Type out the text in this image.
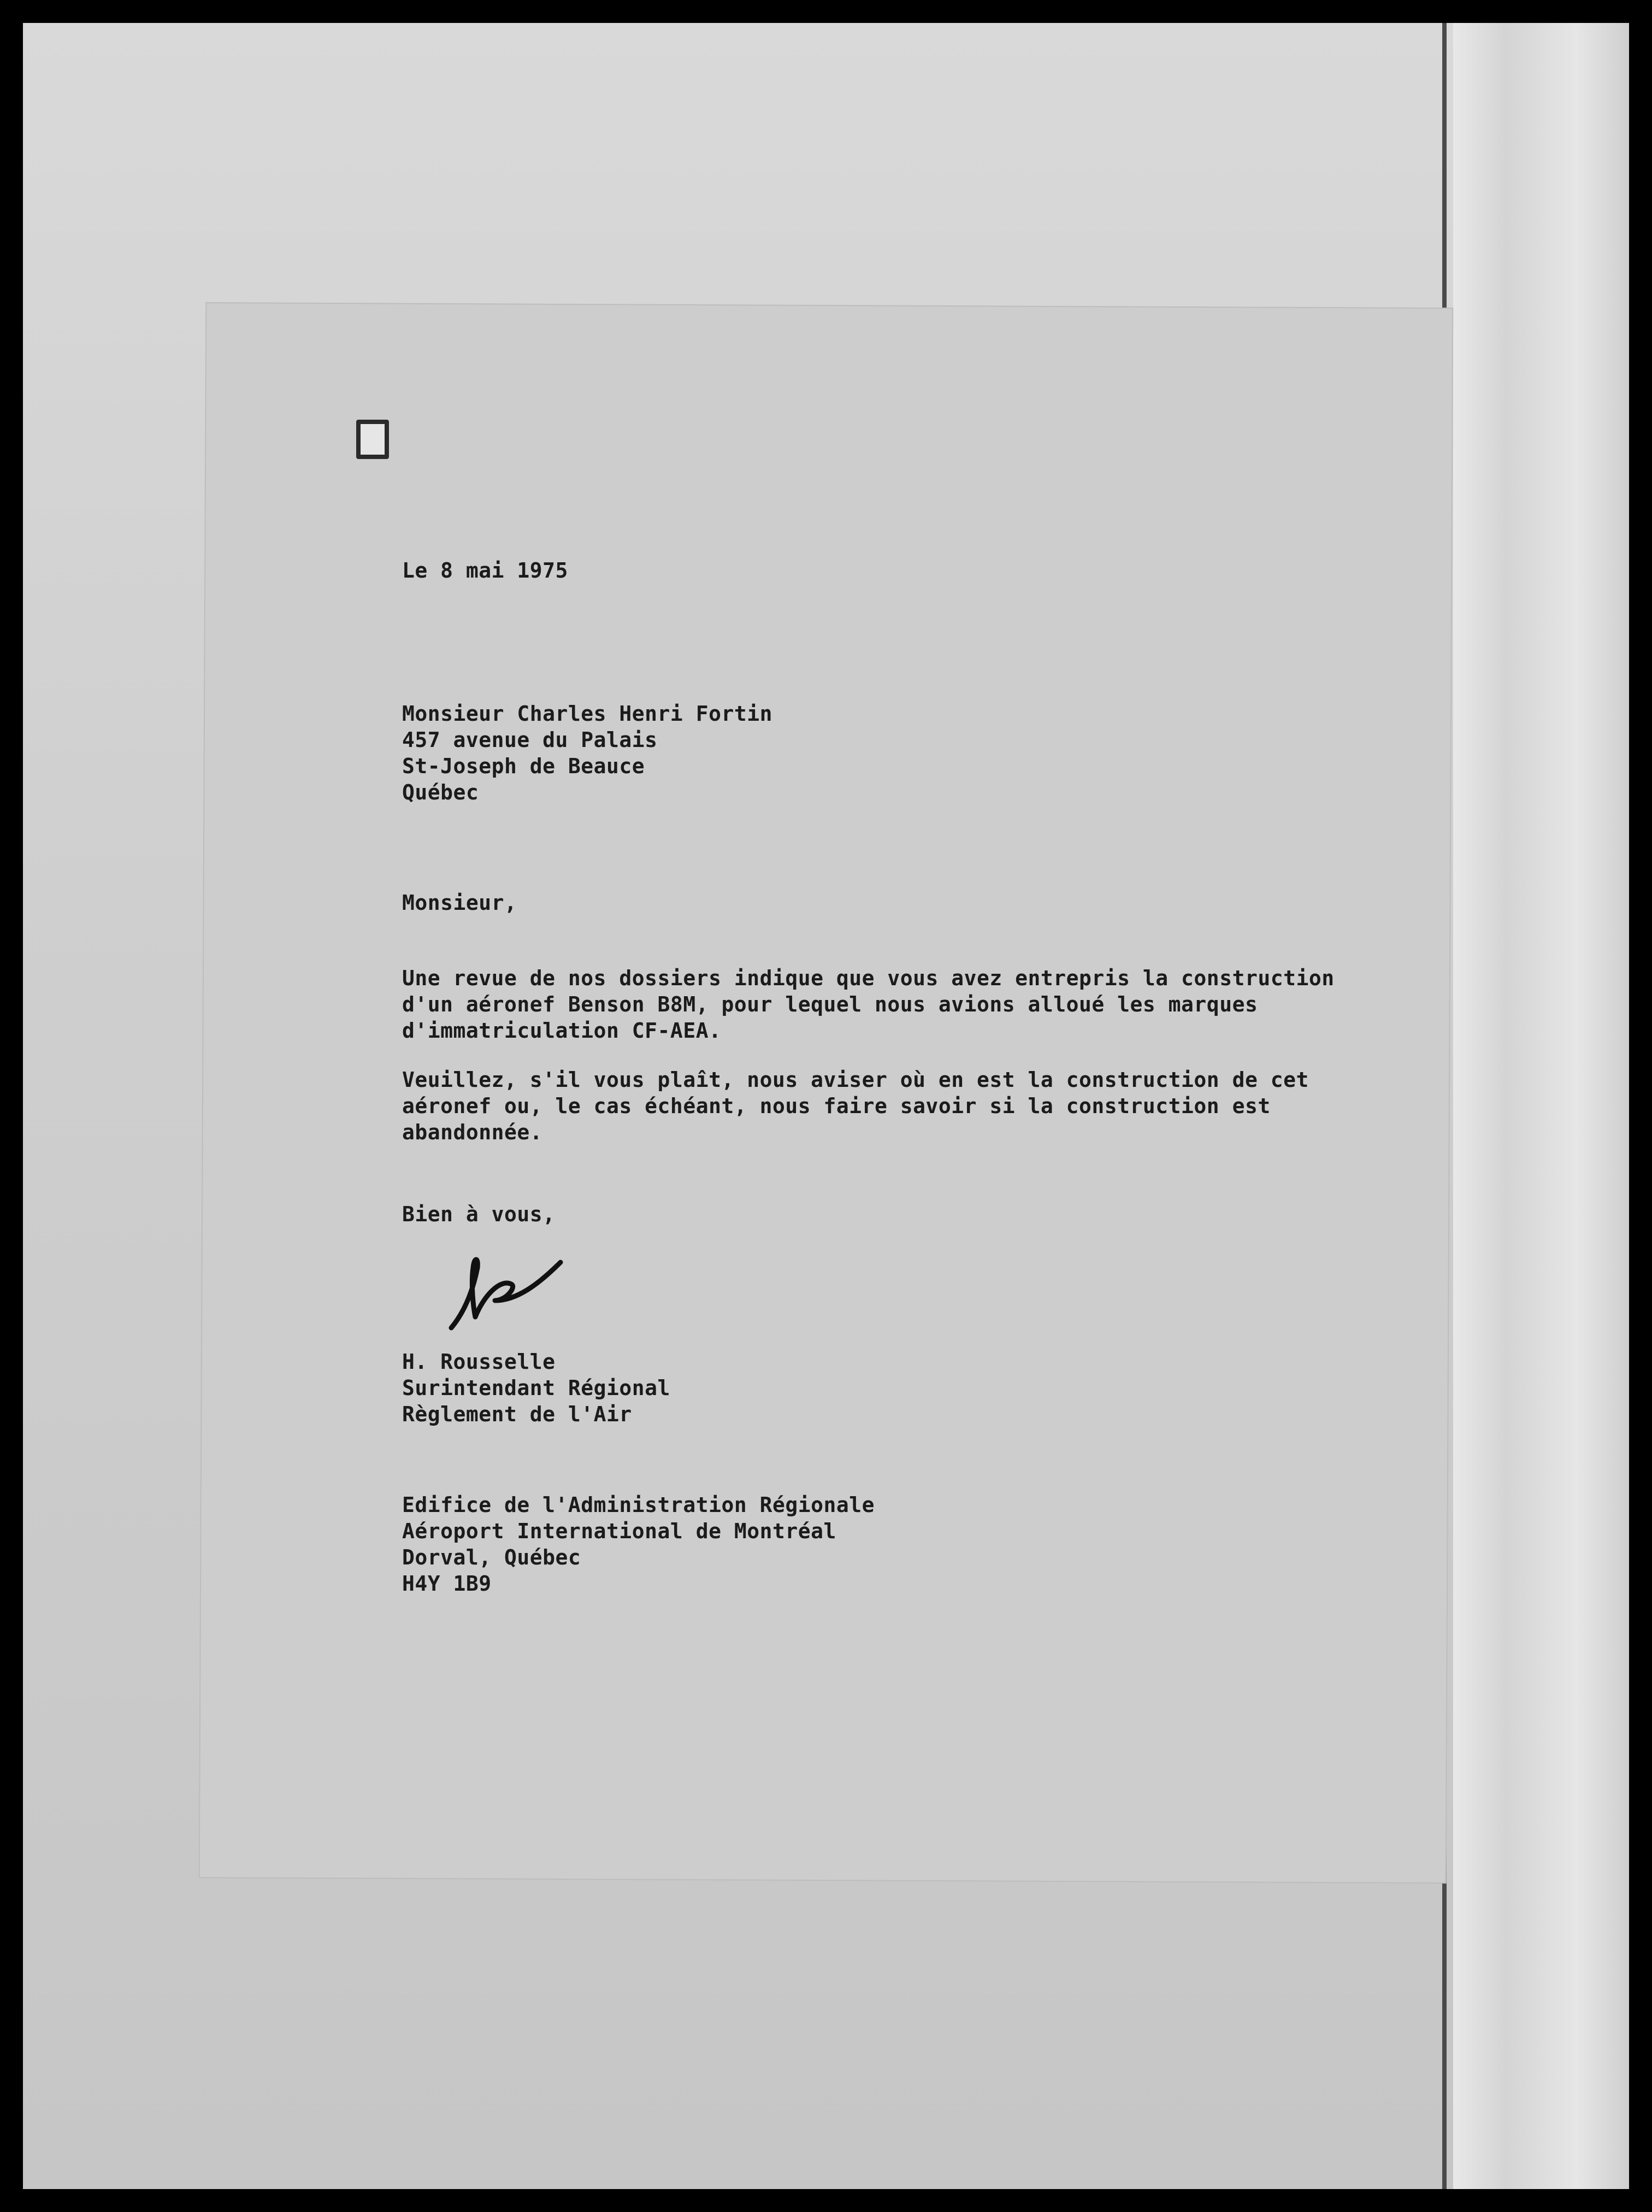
Le 8 mai 1975
Monsieur Charles Henri Fortin
457 avenue du Palais
St-Joseph de Beauce
Québec
Monsieur,
Une revue de nos dossiers indique que vous avez entrepris la construction
d'un aéronef Benson B8M, pour lequel nous avions alloué les marques
d'immatriculation CF-AEA.
Veuillez, s'il vous plaît, nous aviser où en est la construction de cet
aéronef ou, le cas échéant, nous faire savoir si la construction est
abandonnée.
Bien à vous,
H. Rousselle
Surintendant Régional
Règlement de l'Air
Edifice de l'Administration Régionale
Aéroport International de Montréal
Dorval, Québec
H4Y 1B9
